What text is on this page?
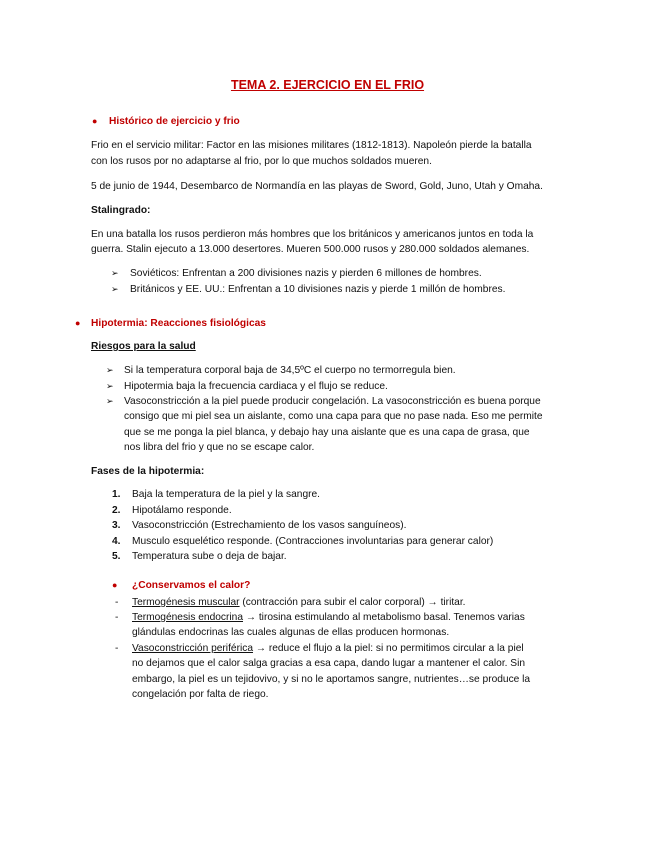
TEMA 2. EJERCICIO EN EL FRIO
● Histórico de ejercicio y frio
Frio en el servicio militar: Factor en las misiones militares (1812-1813). Napoleón pierde la batalla
con los rusos por no adaptarse al frio, por lo que muchos soldados mueren.
5 de junio de 1944, Desembarco de Normandía en las playas de Sword, Gold, Juno, Utah y Omaha.
Stalingrado:
En una batalla los rusos perdieron más hombres que los británicos y americanos juntos en toda la
guerra. Stalin ejecuto a 13.000 desertores. Mueren 500.000 rusos y 280.000 soldados alemanes.
➢ Soviéticos: Enfrentan a 200 divisiones nazis y pierden 6 millones de hombres.
➢ Británicos y EE. UU.: Enfrentan a 10 divisiones nazis y pierde 1 millón de hombres.
● Hipotermia: Reacciones fisiológicas
Riesgos para la salud
➢ Si la temperatura corporal baja de 34,5ºC el cuerpo no termorregula bien.
➢ Hipotermia baja la frecuencia cardiaca y el flujo se reduce.
➢ Vasoconstricción a la piel puede producir congelación. La vasoconstricción es buena porque
consigo que mi piel sea un aislante, como una capa para que no pase nada. Eso me permite
que se me ponga la piel blanca, y debajo hay una aislante que es una capa de grasa, que
nos libra del frio y que no se escape calor.
Fases de la hipotermia:
1. Baja la temperatura de la piel y la sangre.
2. Hipotálamo responde.
3. Vasoconstricción (Estrechamiento de los vasos sanguíneos).
4. Musculo esquelético responde. (Contracciones involuntarias para generar calor)
5. Temperatura sube o deja de bajar.
● ¿Conservamos el calor?
- Termogénesis muscular (contracción para subir el calor corporal) → tiritar.
- Termogénesis endocrina → tirosina estimulando al metabolismo basal. Tenemos varias
glándulas endocrinas las cuales algunas de ellas producen hormonas.
- Vasoconstricción periférica → reduce el flujo a la piel: si no permitimos circular a la piel
no dejamos que el calor salga gracias a esa capa, dando lugar a mantener el calor. Sin
embargo, la piel es un tejidovivo, y si no le aportamos sangre, nutrientes…se produce la
congelación por falta de riego.
